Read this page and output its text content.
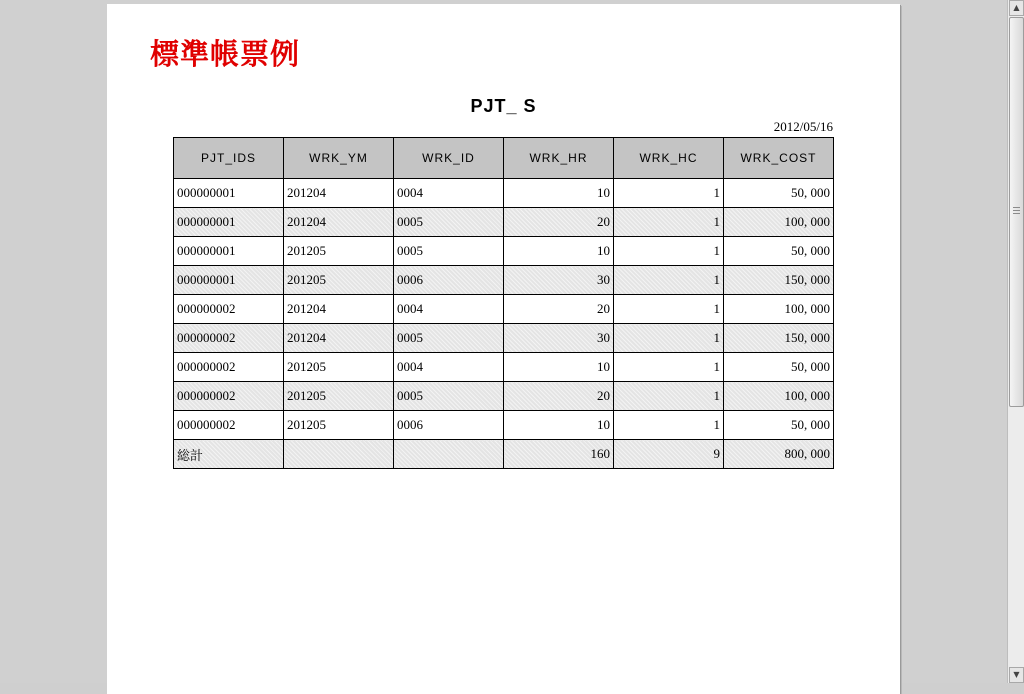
標準帳票例
PJT_ S
2012/05/16
PJT_IDS	WRK_YM	WRK_ID	WRK_HR	WRK_HC	WRK_COST
000000001	201204	0004	10	1	50, 000
000000001	201204	0005	20	1	100, 000
000000001	201205	0005	10	1	50, 000
000000001	201205	0006	30	1	150, 000
000000002	201204	0004	20	1	100, 000
000000002	201204	0005	30	1	150, 000
000000002	201205	0004	10	1	50, 000
000000002	201205	0005	20	1	100, 000
000000002	201205	0006	10	1	50, 000
総計			160	9	800, 000
▲
▼
